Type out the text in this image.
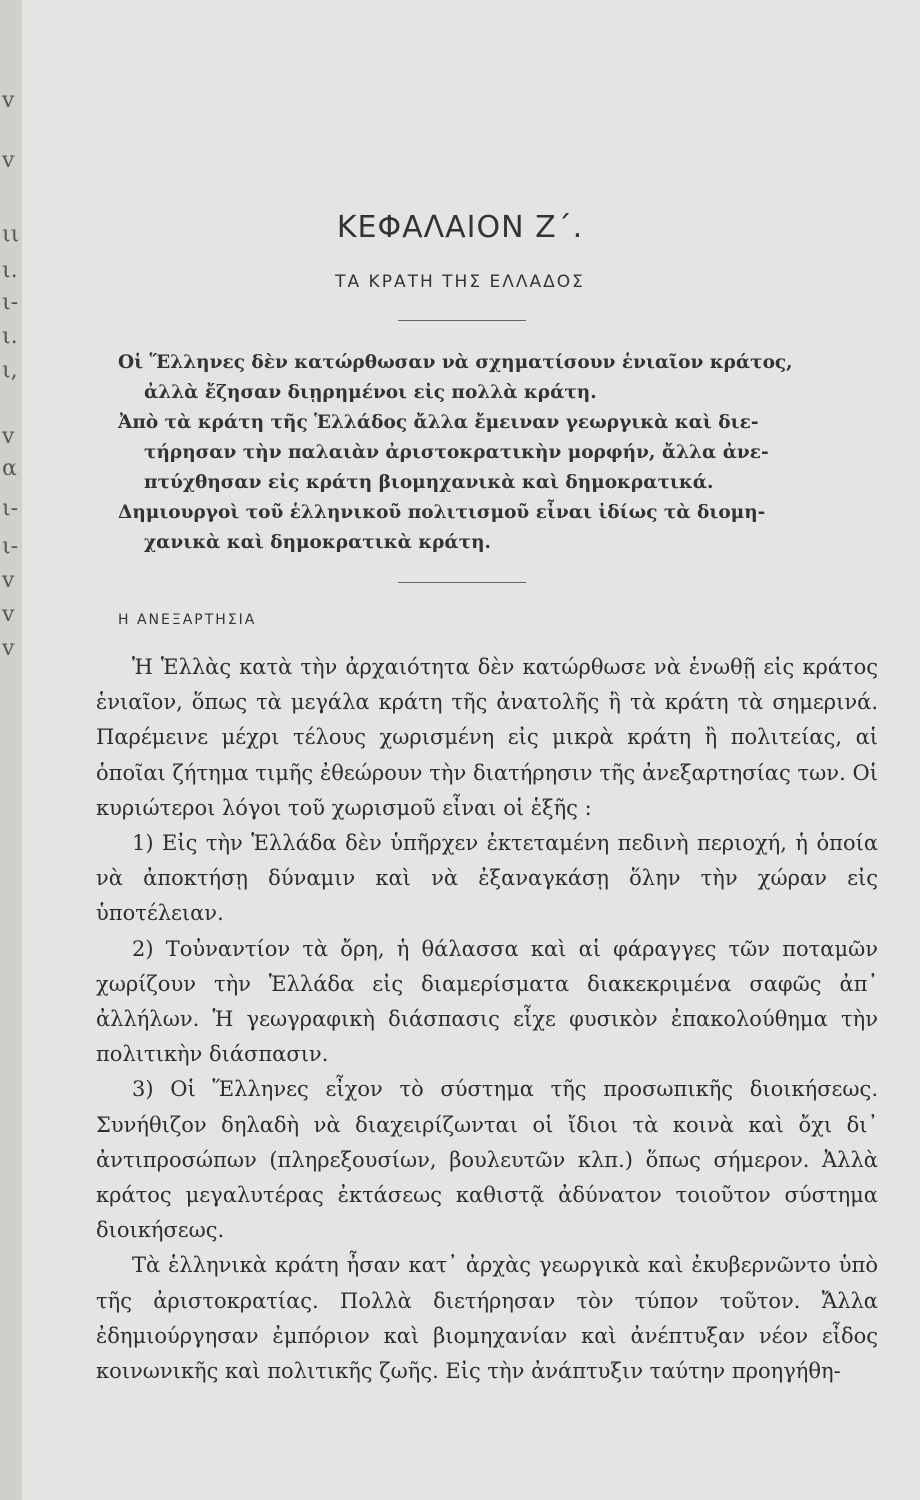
v
v
ιι
ι.
ι-
ι.
ι,
v
α
ι-
ι-
v
v
v
ΚΕΦΑΛΑΙΟΝ Ζ΄.
ΤΑ ΚΡΑΤΗ ΤΗΣ ΕΛΛΑΔΟΣ

Οἱ Ἕλληνες δὲν κατώρθωσαν νὰ σχηματίσουν ἑνιαῖον κράτος,

ἀλλὰ ἔζησαν διῃρημένοι εἰς πολλὰ κράτη.

Ἀπὸ τὰ κράτη τῆς Ἑλλάδος ἄλλα ἔμειναν γεωργικὰ καὶ διε-

τήρησαν τὴν παλαιὰν ἀριστοκρατικὴν μορφήν, ἄλλα ἀνε-

πτύχθησαν εἰς κράτη βιομηχανικὰ καὶ δημοκρατικά.

Δημιουργοὶ τοῦ ἑλληνικοῦ πολιτισμοῦ εἶναι ἰδίως τὰ διομη-

χανικὰ καὶ δημοκρατικὰ κράτη.

Η ΑΝΕΞΑΡΤΗΣΙΑ

Ἡ Ἑλλὰς κατὰ τὴν ἀρχαιότητα δὲν κατώρθωσε νὰ ἑνωθῇ εἰς κράτος ἑνιαῖον, ὅπως τὰ μεγάλα κράτη τῆς ἀνατολῆς ἢ τὰ κράτη τὰ σημερινά. Παρέμεινε μέχρι τέλους χωρισμένη εἰς μικρὰ κράτη ἢ πολιτείας, αἱ ὁποῖαι ζήτημα τιμῆς ἐθεώρουν τὴν διατήρησιν τῆς ἀνεξαρτησίας των. Οἱ κυριώτεροι λόγοι τοῦ χωρισμοῦ εἶναι οἱ ἑξῆς :

1) Εἰς τὴν Ἑλλάδα δὲν ὑπῆρχεν ἐκτεταμένη πεδινὴ περιοχή, ἡ ὁποία νὰ ἀποκτήσῃ δύναμιν καὶ νὰ ἐξαναγκάσῃ ὅλην τὴν χώραν εἰς ὑποτέλειαν.

2) Τοὐναντίον τὰ ὄρη, ἡ θάλασσα καὶ αἱ φάραγγες τῶν ποταμῶν χωρίζουν τὴν Ἑλλάδα εἰς διαμερίσματα διακεκριμένα σαφῶς ἀπ᾿ ἀλλήλων. Ἡ γεωγραφικὴ διάσπασις εἶχε φυσικὸν ἐπακολούθημα τὴν πολιτικὴν διάσπασιν.

3) Οἱ Ἕλληνες εἶχον τὸ σύστημα τῆς προσωπικῆς διοικήσεως. Συνήθιζον δηλαδὴ νὰ διαχειρίζωνται οἱ ἴδιοι τὰ κοινὰ καὶ ὄχι δι᾿ ἀντιπροσώπων (πληρεξουσίων, βουλευτῶν κλπ.) ὅπως σήμερον. Ἀλλὰ κράτος μεγαλυτέρας ἐκτάσεως καθιστᾷ ἀδύνατον τοιοῦτον σύστημα διοικήσεως.

Τὰ ἑλληνικὰ κράτη ἦσαν κατ᾿ ἀρχὰς γεωργικὰ καὶ ἐκυβερνῶντο ὑπὸ τῆς ἀριστοκρατίας. Πολλὰ διετήρησαν τὸν τύπον τοῦτον. Ἄλλα ἐδημιούργησαν ἐμπόριον καὶ βιομηχανίαν καὶ ἀνέπτυξαν νέον εἶδος κοινωνικῆς καὶ πολιτικῆς ζωῆς. Εἰς τὴν ἀνάπτυξιν ταύτην προηγήθη-
